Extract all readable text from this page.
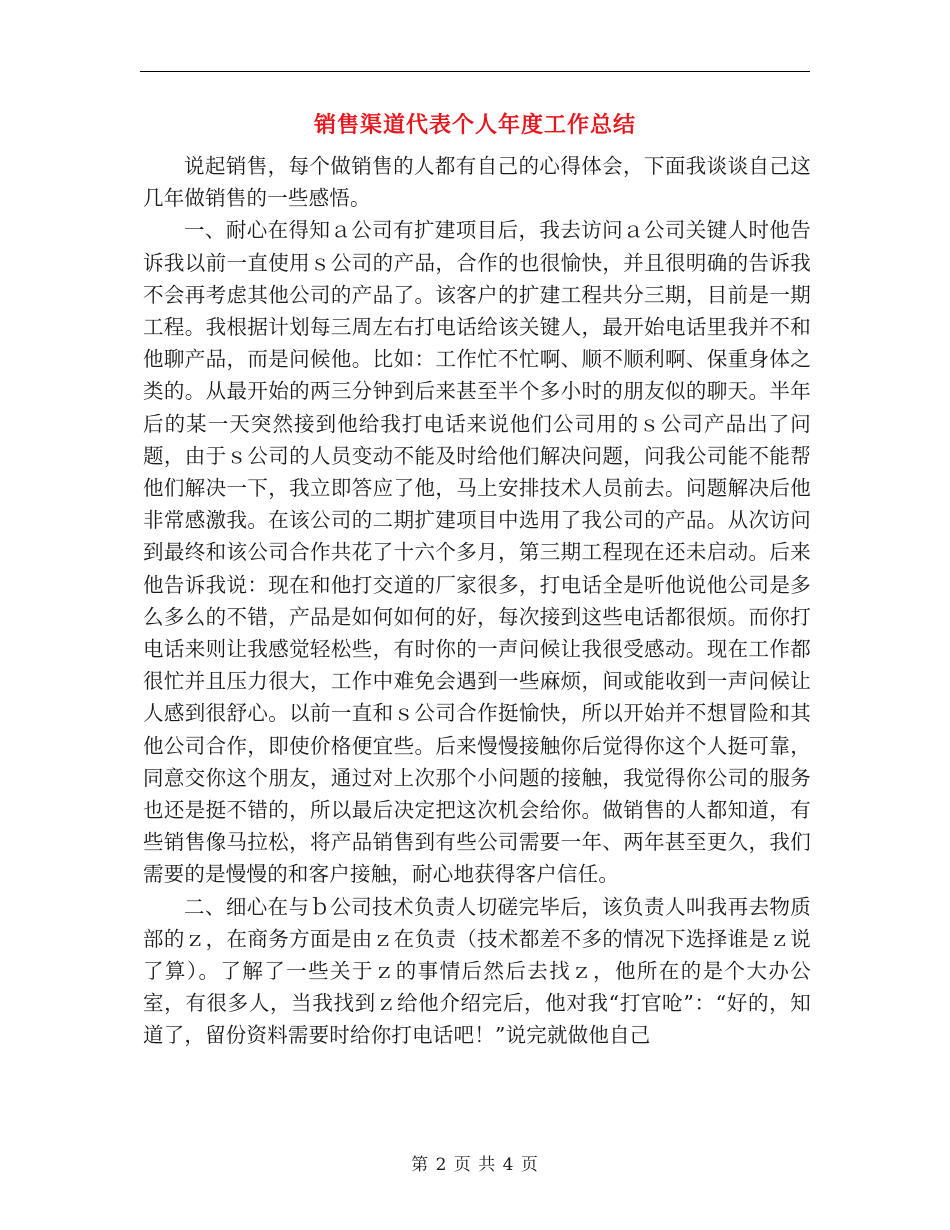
销售渠道代表个人年度工作总结

说起销售，每个做销售的人都有自己的心得体会，下面我谈谈自己这几年做销售的一些感悟。

一、耐心在得知ａ公司有扩建项目后，我去访问ａ公司关键人时他告诉我以前一直使用ｓ公司的产品，合作的也很愉快，并且很明确的告诉我不会再考虑其他公司的产品了。该客户的扩建工程共分三期，目前是一期工程。我根据计划每三周左右打电话给该关键人，最开始电话里我并不和他聊产品，而是问候他。比如：工作忙不忙啊、顺不顺利啊、保重身体之类的。从最开始的两三分钟到后来甚至半个多小时的朋友似的聊天。半年后的某一天突然接到他给我打电话来说他们公司用的ｓ公司产品出了问题，由于ｓ公司的人员变动不能及时给他们解决问题，问我公司能不能帮他们解决一下，我立即答应了他，马上安排技术人员前去。问题解决后他非常感激我。在该公司的二期扩建项目中选用了我公司的产品。从次访问到最终和该公司合作共花了十六个多月，第三期工程现在还未启动。后来他告诉我说：现在和他打交道的厂家很多，打电话全是听他说他公司是多么多么的不错，产品是如何如何的好，每次接到这些电话都很烦。而你打电话来则让我感觉轻松些，有时你的一声问候让我很受感动。现在工作都很忙并且压力很大，工作中难免会遇到一些麻烦，间或能收到一声问候让人感到很舒心。以前一直和ｓ公司合作挺愉快，所以开始并不想冒险和其他公司合作，即使价格便宜些。后来慢慢接触你后觉得你这个人挺可靠，同意交你这个朋友，通过对上次那个小问题的接触，我觉得你公司的服务也还是挺不错的，所以最后决定把这次机会给你。做销售的人都知道，有些销售像马拉松，将产品销售到有些公司需要一年、两年甚至更久，我们需要的是慢慢的和客户接触，耐心地获得客户信任。

二、细心在与ｂ公司技术负责人切磋完毕后，该负责人叫我再去物质部的ｚ，在商务方面是由ｚ在负责（技术都差不多的情况下选择谁是ｚ说了算）。了解了一些关于ｚ的事情后然后去找ｚ，他所在的是个大办公室，有很多人，当我找到ｚ给他介绍完后，他对我“打官呛”：“好的，知道了，留份资料需要时给你打电话吧！”说完就做他自己

第 2 页 共 4 页
